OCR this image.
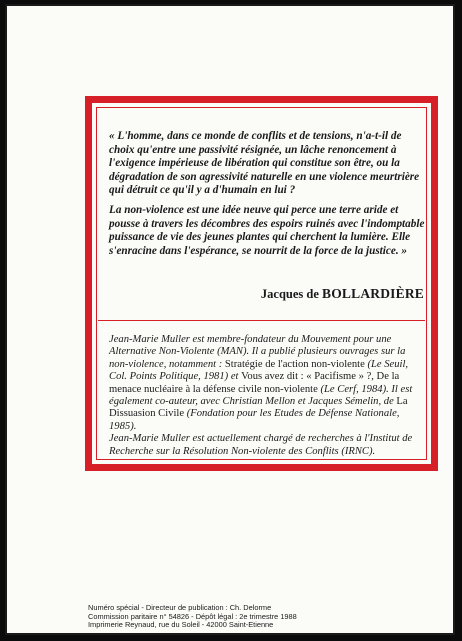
« L'homme, dans ce monde de conflits et de tensions, n'a-t-il de choix qu'entre une passivité résignée, un lâche renoncement à l'exigence impérieuse de libération qui constitue son être, ou la dégradation de son agressivité naturelle en une violence meurtrière qui détruit ce qu'il y a d'humain en lui ?

La non-violence est une idée neuve qui perce une terre aride et pousse à travers les décombres des espoirs ruinés avec l'indomptable puissance de vie des jeunes plantes qui cherchent la lumière. Elle s'enracine dans l'espérance, se nourrit de la force de la justice. »

Jacques de BOLLARDIÈRE
Jean-Marie Muller est membre-fondateur du Mouvement pour une Alternative Non-Violente (MAN). Il a publié plusieurs ouvrages sur la non-violence, notamment : Stratégie de l'action non-violente (Le Seuil, Col. Points Politique, 1981) et Vous avez dit : « Pacifisme » ?, De la menace nucléaire à la défense civile non-violente (Le Cerf, 1984). Il est également co-auteur, avec Christian Mellon et Jacques Sémelin, de La Dissuasion Civile (Fondation pour les Etudes de Défense Nationale, 1985).
Jean-Marie Muller est actuellement chargé de recherches à l'Institut de Recherche sur la Résolution Non-violente des Conflits (IRNC).
Numéro spécial - Directeur de publication : Ch. Delorme
Commission paritaire n° 54826 - Dépôt légal : 2e trimestre 1988
Imprimerie Reynaud, rue du Soleil - 42000 Saint-Etienne
